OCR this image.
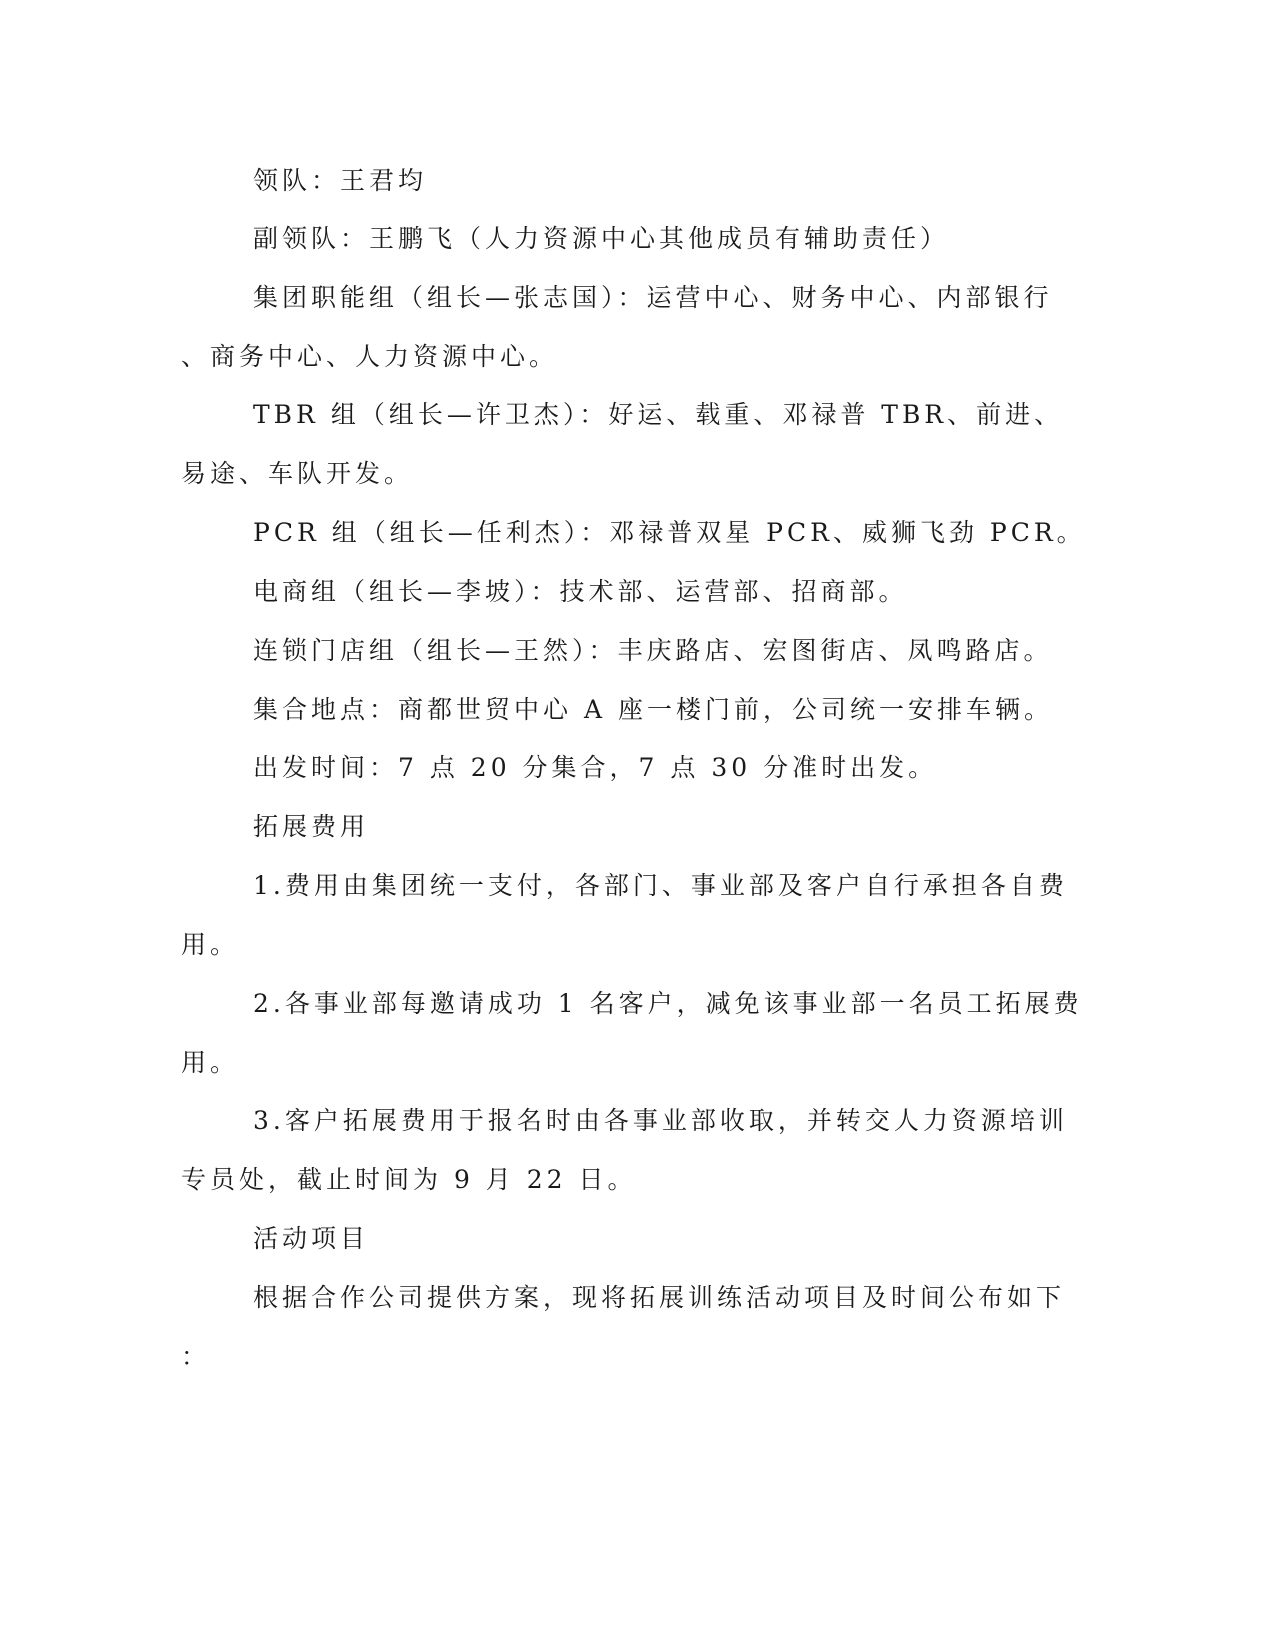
领队：王君均

副领队：王鹏飞（人力资源中心其他成员有辅助责任）

集团职能组（组长—张志国）：运营中心、财务中心、内部银行

、商务中心、人力资源中心。

TBR 组（组长—许卫杰）：好运、载重、邓禄普 TBR、前进、

易途、车队开发。

PCR 组（组长—任利杰）：邓禄普双星 PCR、威狮飞劲 PCR。

电商组（组长—李坡）：技术部、运营部、招商部。

连锁门店组（组长—王然）：丰庆路店、宏图街店、凤鸣路店。

集合地点：商都世贸中心 A 座一楼门前，公司统一安排车辆。

出发时间：7 点 20 分集合，7 点 30 分准时出发。

拓展费用

1.费用由集团统一支付，各部门、事业部及客户自行承担各自费

用。

2.各事业部每邀请成功 1 名客户，减免该事业部一名员工拓展费

用。

3.客户拓展费用于报名时由各事业部收取，并转交人力资源培训

专员处，截止时间为 9 月 22 日。

活动项目

根据合作公司提供方案，现将拓展训练活动项目及时间公布如下

：
